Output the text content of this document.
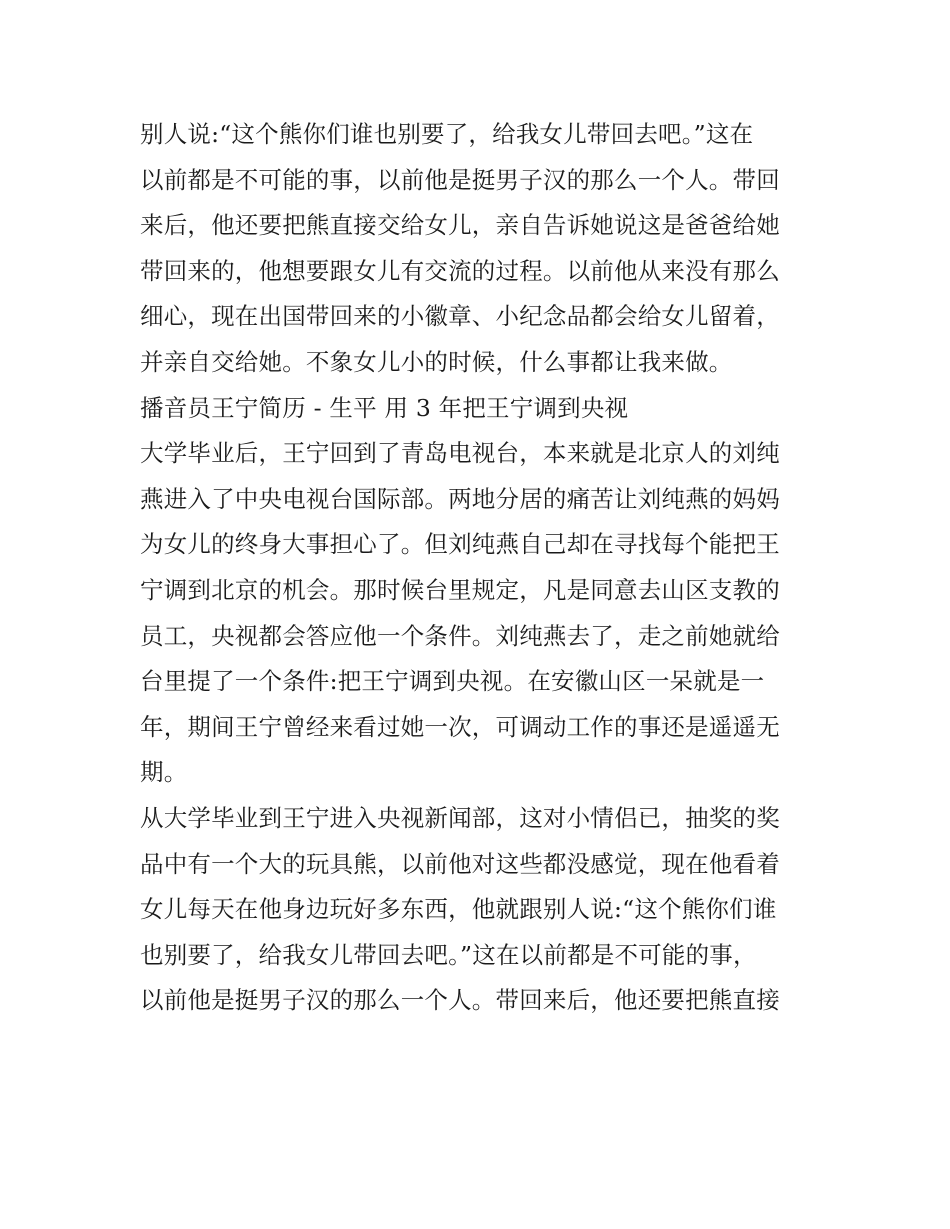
别人说:“这个熊你们谁也别要了，给我女儿带回去吧。”这在
以前都是不可能的事，以前他是挺男子汉的那么一个人。带回
来后，他还要把熊直接交给女儿，亲自告诉她说这是爸爸给她
带回来的，他想要跟女儿有交流的过程。以前他从来没有那么
细心，现在出国带回来的小徽章、小纪念品都会给女儿留着，
并亲自交给她。不象女儿小的时候，什么事都让我来做。
播音员王宁简历 - 生平 用 3 年把王宁调到央视
大学毕业后，王宁回到了青岛电视台，本来就是北京人的刘纯
燕进入了中央电视台国际部。两地分居的痛苦让刘纯燕的妈妈
为女儿的终身大事担心了。但刘纯燕自己却在寻找每个能把王
宁调到北京的机会。那时候台里规定，凡是同意去山区支教的
员工，央视都会答应他一个条件。刘纯燕去了，走之前她就给
台里提了一个条件:把王宁调到央视。在安徽山区一呆就是一
年，期间王宁曾经来看过她一次，可调动工作的事还是遥遥无
期。
从大学毕业到王宁进入央视新闻部，这对小情侣已，抽奖的奖
品中有一个大的玩具熊，以前他对这些都没感觉，现在他看着
女儿每天在他身边玩好多东西，他就跟别人说:“这个熊你们谁
也别要了，给我女儿带回去吧。”这在以前都是不可能的事，
以前他是挺男子汉的那么一个人。带回来后，他还要把熊直接
